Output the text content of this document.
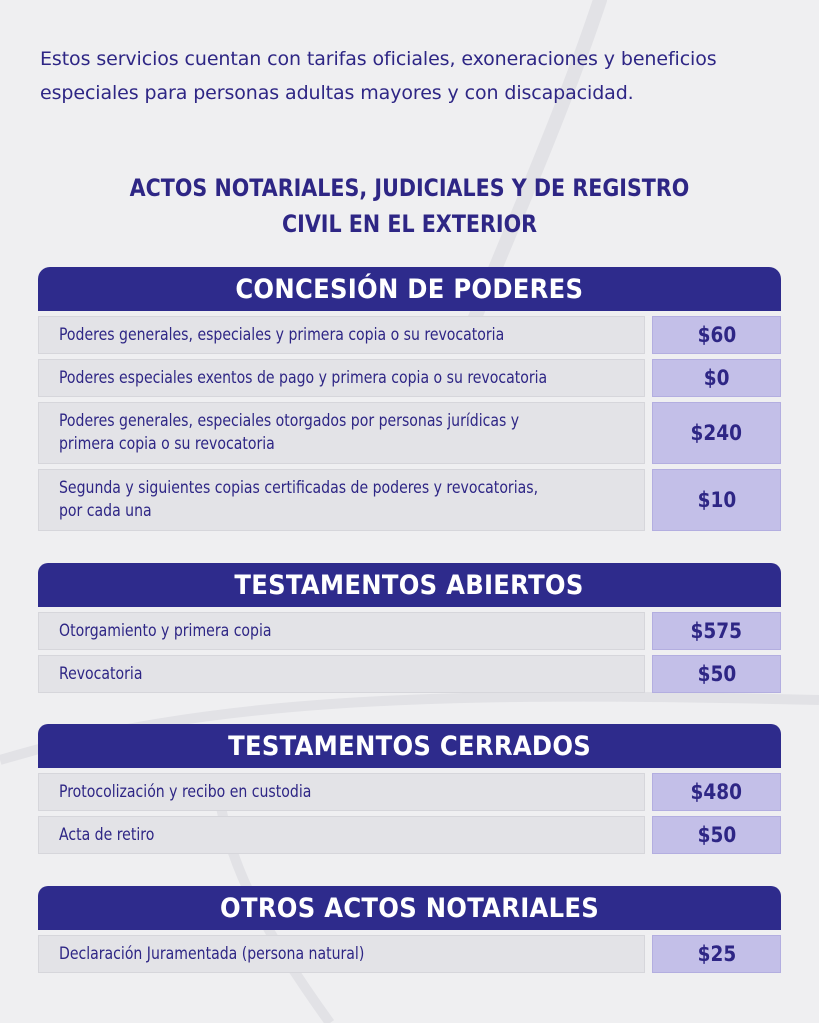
Estos servicios cuentan con tarifas oficiales, exoneraciones y beneficios especiales para personas adultas mayores y con discapacidad.
ACTOS NOTARIALES, JUDICIALES Y DE REGISTRO
CIVIL EN EL EXTERIOR
CONCESIÓN DE PODERES
Poderes generales, especiales y primera copia o su revocatoria	$60
Poderes especiales exentos de pago y primera copia o su revocatoria	$0
Poderes generales, especiales otorgados por personas jurídicas y
primera copia o su revocatoria	$240
Segunda y siguientes copias certificadas de poderes y revocatorias,
por cada una	$10
TESTAMENTOS ABIERTOS
Otorgamiento y primera copia	$575
Revocatoria	$50
TESTAMENTOS CERRADOS
Protocolización y recibo en custodia	$480
Acta de retiro	$50
OTROS ACTOS NOTARIALES
Declaración Juramentada (persona natural)	$25
